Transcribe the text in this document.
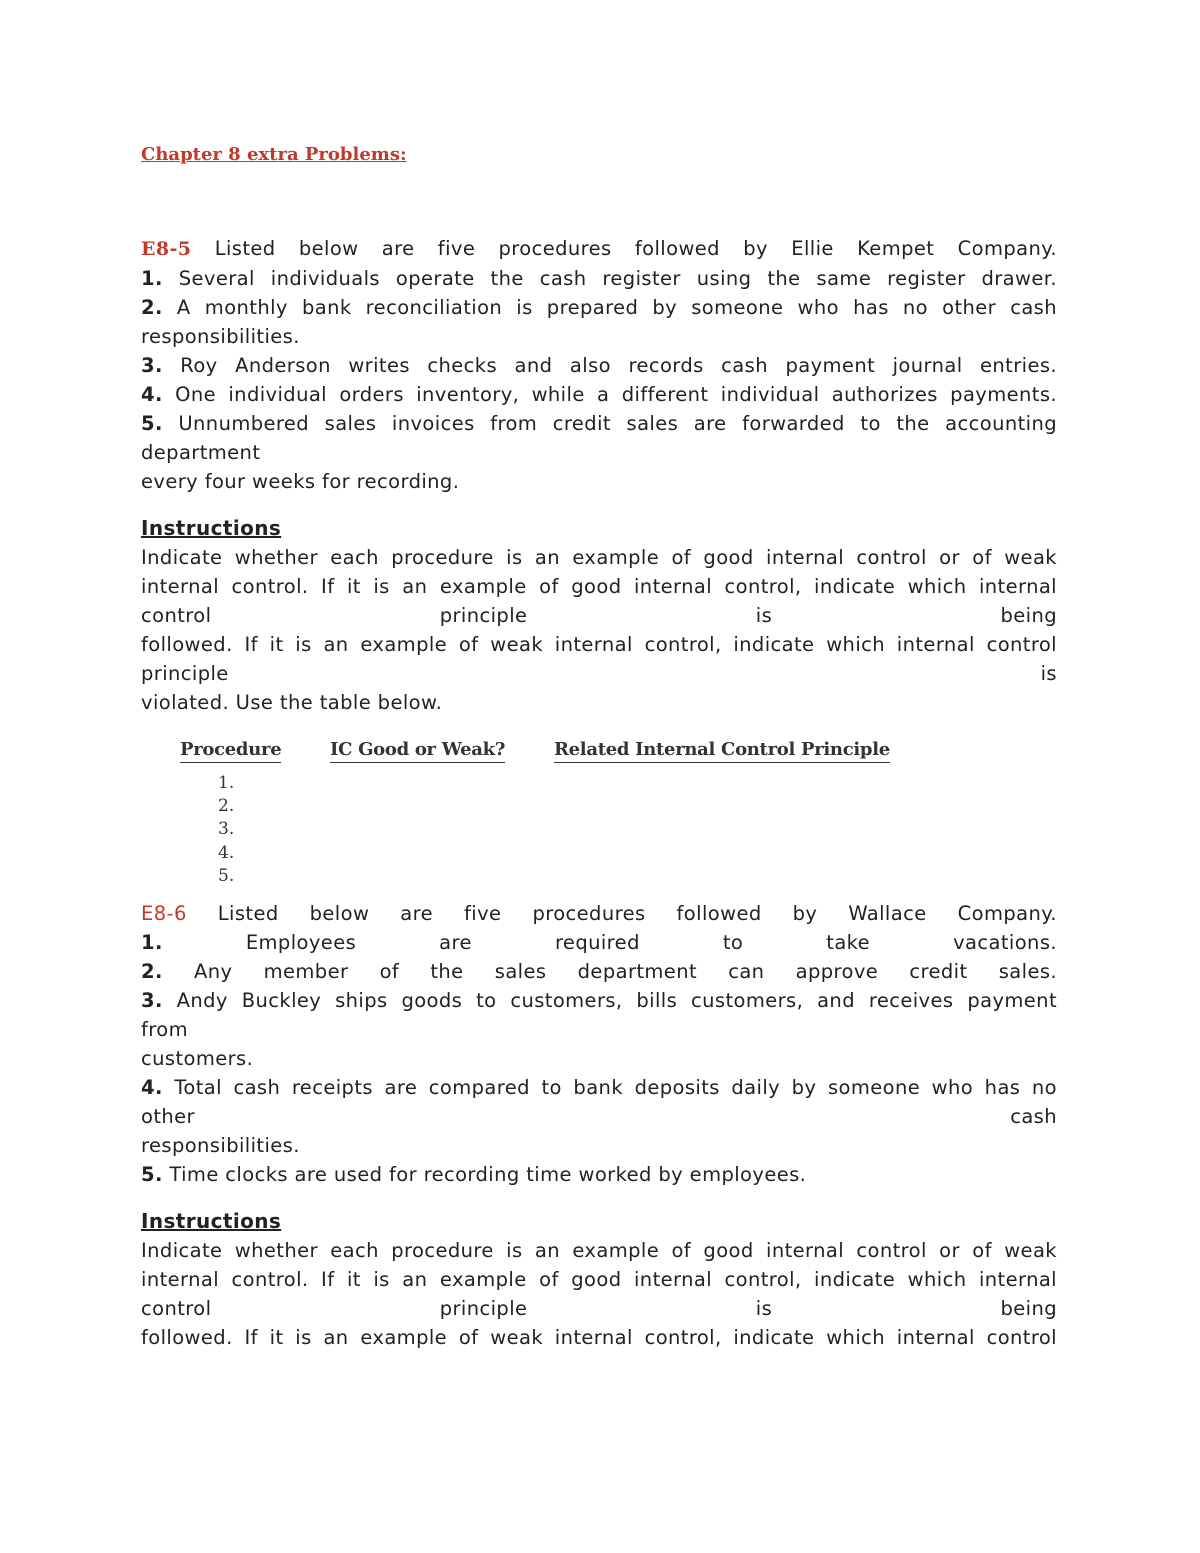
Chapter 8 extra Problems:

E8-5 Listed below are five procedures followed by Ellie Kempet Company.

1. Several individuals operate the cash register using the same register drawer.

2. A monthly bank reconciliation is prepared by someone who has no other cash

responsibilities.

3. Roy Anderson writes checks and also records cash payment journal entries.

4. One individual orders inventory, while a different individual authorizes payments.

5. Unnumbered sales invoices from credit sales are forwarded to the accounting

department

every four weeks for recording.

Instructions

Indicate whether each procedure is an example of good internal control or of weak

internal control. If it is an example of good internal control, indicate which internal

control	principle	is	being

followed. If it is an example of weak internal control, indicate which internal control

principle	is

violated. Use the table below.

Procedure	IC Good or Weak?	Related Internal Control Principle
1.
2.
3.
4.
5.

E8-6 Listed below are five procedures followed by Wallace Company.

1.	Employees are required to take vacations.

2. Any member of the sales department can approve credit sales.

3. Andy Buckley ships goods to customers, bills customers, and receives payment

from

customers.

4. Total cash receipts are compared to bank deposits daily by someone who has no

other	cash

responsibilities.

5. Time clocks are used for recording time worked by employees.

Instructions

Indicate whether each procedure is an example of good internal control or of weak

internal control. If it is an example of good internal control, indicate which internal

control	principle	is	being

followed. If it is an example of weak internal control, indicate which internal control
